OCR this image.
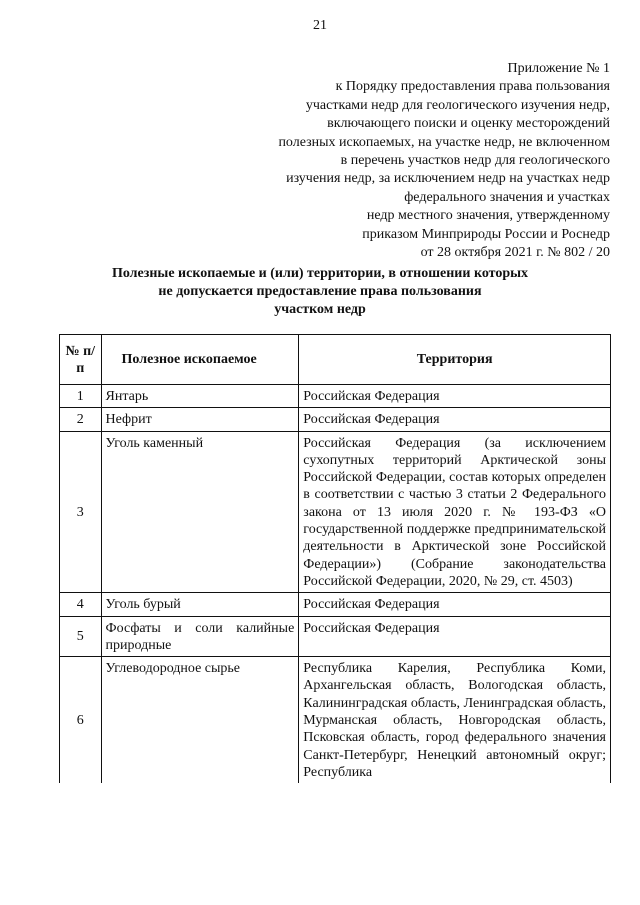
21
Приложение № 1
к Порядку предоставления права пользования
участками недр для геологического изучения недр,
включающего поиски и оценку месторождений
полезных ископаемых, на участке недр, не включенном
в перечень участков недр для геологического
изучения недр, за исключением недр на участках недр
федерального значения и участках
недр местного значения, утвержденному
приказом Минприроды России и Роснедр
от 28 октября 2021 г. № 802 / 20
Полезные ископаемые и (или) территории, в отношении которых
не допускается предоставление права пользования
участком недр
№ п/п	Полезное ископаемое	Территория
1	Янтарь	Российская Федерация
2	Нефрит	Российская Федерация
3	Уголь каменный	Российская Федерация (за исключением сухопутных территорий Арктической зоны Российской Федерации, состав которых определен в соответствии с частью 3 статьи 2 Федерального закона от 13 июля 2020 г. № 193-ФЗ «О государственной поддержке предпринимательской деятельности в Арктической зоне Российской Федерации») (Собрание законодательства Российской Федерации, 2020, № 29, ст. 4503)
4	Уголь бурый	Российская Федерация
5	Фосфаты и соли калийные природные	Российская Федерация
6	Углеводородное сырье	Республика Карелия, Республика Коми, Архангельская область, Вологодская область, Калининградская область, Ленинградская область, Мурманская область, Новгородская область, Псковская область, город федерального значения Санкт-Петербург, Ненецкий автономный округ; Республика
